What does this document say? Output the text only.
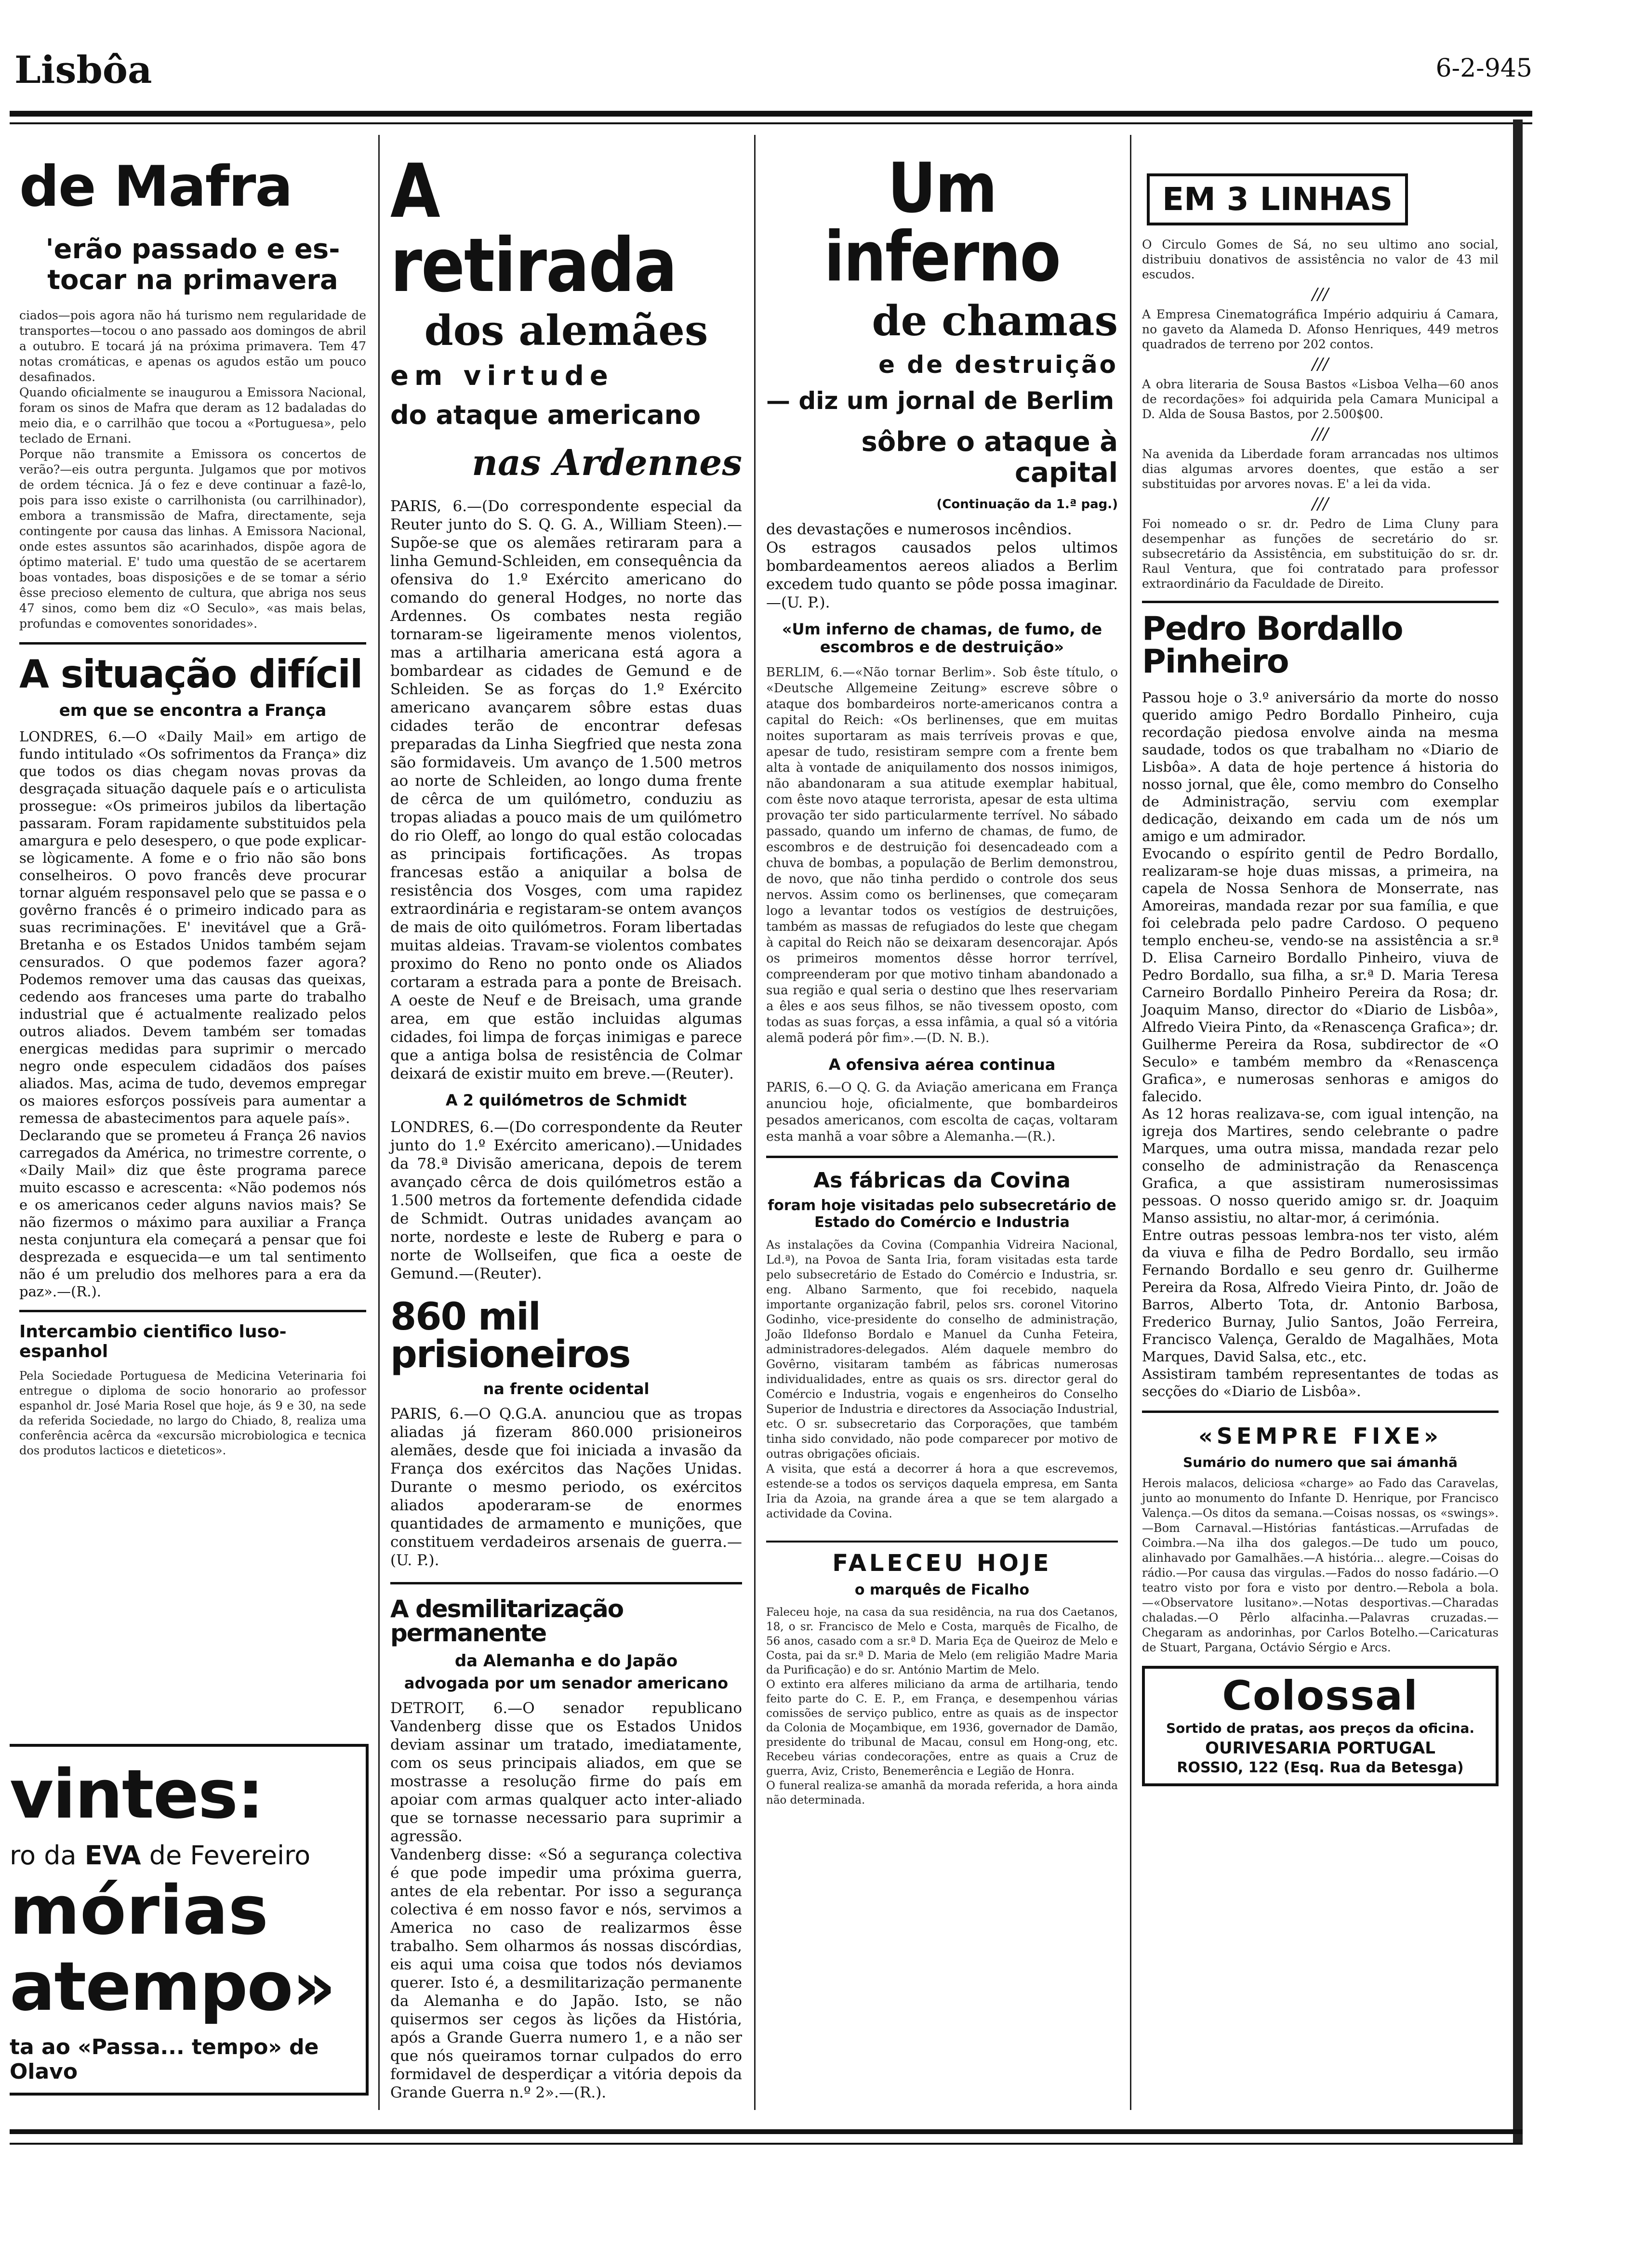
Lisbôa	6-2-945
de Mafra
'erão passado e es-
tocar na primavera

ciados—pois agora não há turismo nem regularidade de transportes—tocou o ano passado aos domingos de abril a outubro. E tocará já na próxima primavera. Tem 47 notas cromáticas, e apenas os agudos estão um pouco desafinados.
Quando oficialmente se inaugurou a Emissora Nacional, foram os sinos de Mafra que deram as 12 badaladas do meio dia, e o carrilhão que tocou a «Portuguesa», pelo teclado de Ernani.
Porque não transmite a Emissora os concertos de verão?—eis outra pergunta. Julgamos que por motivos de ordem técnica. Já o fez e deve continuar a fazê-lo, pois para isso existe o carrilhonista (ou carrilhinador), embora a transmissão de Mafra, directamente, seja contingente por causa das linhas. A Emissora Nacional, onde estes assuntos são acarinhados, dispõe agora de óptimo material. E' tudo uma questão de se acertarem boas vontades, boas disposições e de se tomar a sério êsse precioso elemento de cultura, que abriga nos seus 47 sinos, como bem diz «O Seculo», «as mais belas, profundas e comoventes sonoridades».

A situação difícil
em que se encontra a França

LONDRES, 6.—O «Daily Mail» em artigo de fundo intitulado «Os sofrimentos da França» diz que todos os dias chegam novas provas da desgraçada situação daquele país e o articulista prossegue: «Os primeiros jubilos da libertação passaram. Foram rapidamente substituidos pela amargura e pelo desespero, o que pode explicar-se lògicamente. A fome e o frio não são bons conselheiros. O povo francês deve procurar tornar alguém responsavel pelo que se passa e o govêrno francês é o primeiro indicado para as suas recriminações. E' inevitável que a Grã-Bretanha e os Estados Unidos também sejam censurados. O que podemos fazer agora? Podemos remover uma das causas das queixas, cedendo aos franceses uma parte do trabalho industrial que é actualmente realizado pelos outros aliados. Devem também ser tomadas energicas medidas para suprimir o mercado negro onde especulem cidadãos dos países aliados. Mas, acima de tudo, devemos empregar os maiores esforços possíveis para aumentar a remessa de abastecimentos para aquele país».
Declarando que se prometeu á França 26 navios carregados da América, no trimestre corrente, o «Daily Mail» diz que êste programa parece muito escasso e acrescenta: «Não podemos nós e os americanos ceder alguns navios mais? Se não fizermos o máximo para auxiliar a França nesta conjuntura ela começará a pensar que foi desprezada e esquecida—e um tal sentimento não é um preludio dos melhores para a era da paz».—(R.).

Intercambio cientifico luso-espanhol

Pela Sociedade Portuguesa de Medicina Veterinaria foi entregue o diploma de socio honorario ao professor espanhol dr. José Maria Rosel que hoje, ás 9 e 30, na sede da referida Sociedade, no largo do Chiado, 8, realiza uma conferência acêrca da «excursão microbiologica e tecnica dos produtos lacticos e dieteticos».

vintes:
ro da EVA de Fevereiro
mórias
atempo»
ta ao «Passa... tempo» de Olavo
A retirada
dos alemães
em virtude
do ataque americano
nas Ardennes

PARIS, 6.—(Do correspondente especial da Reuter junto do S. Q. G. A., William Steen).—Supõe-se que os alemães retiraram para a linha Gemund-Schleiden, em consequência da ofensiva do 1.º Exército americano do comando do general Hodges, no norte das Ardennes. Os combates nesta região tornaram-se ligeiramente menos violentos, mas a artilharia americana está agora a bombardear as cidades de Gemund e de Schleiden. Se as forças do 1.º Exército americano avançarem sôbre estas duas cidades terão de encontrar defesas preparadas da Linha Siegfried que nesta zona são formidaveis. Um avanço de 1.500 metros ao norte de Schleiden, ao longo duma frente de cêrca de um quilómetro, conduziu as tropas aliadas a pouco mais de um quilómetro do rio Oleff, ao longo do qual estão colocadas as principais fortificações. As tropas francesas estão a aniquilar a bolsa de resistência dos Vosges, com uma rapidez extraordinária e registaram-se ontem avanços de mais de oito quilómetros. Foram libertadas muitas aldeias. Travam-se violentos combates proximo do Reno no ponto onde os Aliados cortaram a estrada para a ponte de Breisach. A oeste de Neuf e de Breisach, uma grande area, em que estão incluidas algumas cidades, foi limpa de forças inimigas e parece que a antiga bolsa de resistência de Colmar deixará de existir muito em breve.—(Reuter).

A 2 quilómetros de Schmidt

LONDRES, 6.—(Do correspondente da Reuter junto do 1.º Exército americano).—Unidades da 78.ª Divisão americana, depois de terem avançado cêrca de dois quilómetros estão a 1.500 metros da fortemente defendida cidade de Schmidt. Outras unidades avançam ao norte, nordeste e leste de Ruberg e para o norte de Wollseifen, que fica a oeste de Gemund.—(Reuter).

860 mil prisioneiros
na frente ocidental

PARIS, 6.—O Q.G.A. anunciou que as tropas aliadas já fizeram 860.000 prisioneiros alemães, desde que foi iniciada a invasão da França dos exércitos das Nações Unidas. Durante o mesmo periodo, os exércitos aliados apoderaram-se de enormes quantidades de armamento e munições, que constituem verdadeiros arsenais de guerra.—(U. P.).

A desmilitarização permanente
da Alemanha e do Japão
advogada por um senador americano

DETROIT, 6.—O senador republicano Vandenberg disse que os Estados Unidos deviam assinar um tratado, imediatamente, com os seus principais aliados, em que se mostrasse a resolução firme do país em apoiar com armas qualquer acto inter-aliado que se tornasse necessario para suprimir a agressão.
Vandenberg disse: «Só a segurança colectiva é que pode impedir uma próxima guerra, antes de ela rebentar. Por isso a segurança colectiva é em nosso favor e nós, servimos a America no caso de realizarmos êsse trabalho. Sem olharmos ás nossas discórdias, eis aqui uma coisa que todos nós deviamos querer. Isto é, a desmilitarização permanente da Alemanha e do Japão. Isto, se não quisermos ser cegos às lições da História, após a Grande Guerra numero 1, e a não ser que nós queiramos tornar culpados do erro formidavel de desperdiçar a vitória depois da Grande Guerra n.º 2».—(R.).

Um inferno
de chamas
e de destruição
— diz um jornal de Berlim
sôbre o ataque à capital
(Continuação da 1.ª pag.)

des devastações e numerosos incêndios.
Os estragos causados pelos ultimos bombardeamentos aereos aliados a Berlim excedem tudo quanto se pôde possa imaginar.—(U. P.).

«Um inferno de chamas, de fumo, de escombros e de destruição»

BERLIM, 6.—«Não tornar Berlim». Sob êste título, o «Deutsche Allgemeine Zeitung» escreve sôbre o ataque dos bombardeiros norte-americanos contra a capital do Reich: «Os berlinenses, que em muitas noites suportaram as mais terríveis provas e que, apesar de tudo, resistiram sempre com a frente bem alta à vontade de aniquilamento dos nossos inimigos, não abandonaram a sua atitude exemplar habitual, com êste novo ataque terrorista, apesar de esta ultima provação ter sido particularmente terrível. No sábado passado, quando um inferno de chamas, de fumo, de escombros e de destruição foi desencadeado com a chuva de bombas, a população de Berlim demonstrou, de novo, que não tinha perdido o controle dos seus nervos. Assim como os berlinenses, que começaram logo a levantar todos os vestígios de destruições, também as massas de refugiados do leste que chegam à capital do Reich não se deixaram desencorajar. Após os primeiros momentos dêsse horror terrível, compreenderam por que motivo tinham abandonado a sua região e qual seria o destino que lhes reservariam a êles e aos seus filhos, se não tivessem oposto, com todas as suas forças, a essa infâmia, a qual só a vitória alemã poderá pôr fim».—(D. N. B.).

A ofensiva aérea continua

PARIS, 6.—O Q. G. da Aviação americana em França anunciou hoje, oficialmente, que bombardeiros pesados americanos, com escolta de caças, voltaram esta manhã a voar sôbre a Alemanha.—(R.).

As fábricas da Covina
foram hoje visitadas pelo subsecretário de Estado do Comércio e Industria

As instalações da Covina (Companhia Vidreira Nacional, Ld.ª), na Povoa de Santa Iria, foram visitadas esta tarde pelo subsecretário de Estado do Comércio e Industria, sr. eng. Albano Sarmento, que foi recebido, naquela importante organização fabril, pelos srs. coronel Vitorino Godinho, vice-presidente do conselho de administração, João Ildefonso Bordalo e Manuel da Cunha Feteira, administradores-delegados. Além daquele membro do Govêrno, visitaram também as fábricas numerosas individualidades, entre as quais os srs. director geral do Comércio e Industria, vogais e engenheiros do Conselho Superior de Industria e directores da Associação Industrial, etc. O sr. subsecretario das Corporações, que também tinha sido convidado, não pode comparecer por motivo de outras obrigações oficiais.
A visita, que está a decorrer á hora a que escrevemos, estende-se a todos os serviços daquela empresa, em Santa Iria da Azoia, na grande área a que se tem alargado a actividade da Covina.

FALECEU HOJE
o marquês de Ficalho

Faleceu hoje, na casa da sua residência, na rua dos Caetanos, 18, o sr. Francisco de Melo e Costa, marquês de Ficalho, de 56 anos, casado com a sr.ª D. Maria Eça de Queiroz de Melo e Costa, pai da sr.ª D. Maria de Melo (em religião Madre Maria da Purificação) e do sr. António Martim de Melo.
O extinto era alferes miliciano da arma de artilharia, tendo feito parte do C. E. P., em França, e desempenhou várias comissões de serviço publico, entre as quais as de inspector da Colonia de Moçambique, em 1936, governador de Damão, presidente do tribunal de Macau, consul em Hong-ong, etc. Recebeu várias condecorações, entre as quais a Cruz de guerra, Aviz, Cristo, Benemerência e Legião de Honra.
O funeral realiza-se amanhã da morada referida, a hora ainda não determinada.

EM 3 LINHAS

O Circulo Gomes de Sá, no seu ultimo ano social, distribuiu donativos de assistência no valor de 43 mil escudos.

///

A Empresa Cinematográfica Império adquiriu á Camara, no gaveto da Alameda D. Afonso Henriques, 449 metros quadrados de terreno por 202 contos.

///

A obra literaria de Sousa Bastos «Lisboa Velha—60 anos de recordações» foi adquirida pela Camara Municipal a D. Alda de Sousa Bastos, por 2.500$00.

///

Na avenida da Liberdade foram arrancadas nos ultimos dias algumas arvores doentes, que estão a ser substituidas por arvores novas. E' a lei da vida.

///

Foi nomeado o sr. dr. Pedro de Lima Cluny para desempenhar as funções de secretário do sr. subsecretário da Assistência, em substituição do sr. dr. Raul Ventura, que foi contratado para professor extraordinário da Faculdade de Direito.

Pedro Bordallo Pinheiro

Passou hoje o 3.º aniversário da morte do nosso querido amigo Pedro Bordallo Pinheiro, cuja recordação piedosa envolve ainda na mesma saudade, todos os que trabalham no «Diario de Lisbôa». A data de hoje pertence á historia do nosso jornal, que êle, como membro do Conselho de Administração, serviu com exemplar dedicação, deixando em cada um de nós um amigo e um admirador.
Evocando o espírito gentil de Pedro Bordallo, realizaram-se hoje duas missas, a primeira, na capela de Nossa Senhora de Monserrate, nas Amoreiras, mandada rezar por sua família, e que foi celebrada pelo padre Cardoso. O pequeno templo encheu-se, vendo-se na assistência a sr.ª D. Elisa Carneiro Bordallo Pinheiro, viuva de Pedro Bordallo, sua filha, a sr.ª D. Maria Teresa Carneiro Bordallo Pinheiro Pereira da Rosa; dr. Joaquim Manso, director do «Diario de Lisbôa», Alfredo Vieira Pinto, da «Renascença Grafica»; dr. Guilherme Pereira da Rosa, subdirector de «O Seculo» e também membro da «Renascença Grafica», e numerosas senhoras e amigos do falecido.
As 12 horas realizava-se, com igual intenção, na igreja dos Martires, sendo celebrante o padre Marques, uma outra missa, mandada rezar pelo conselho de administração da Renascença Grafica, a que assistiram numerosissimas pessoas. O nosso querido amigo sr. dr. Joaquim Manso assistiu, no altar-mor, á cerimónia.
Entre outras pessoas lembra-nos ter visto, além da viuva e filha de Pedro Bordallo, seu irmão Fernando Bordallo e seu genro dr. Guilherme Pereira da Rosa, Alfredo Vieira Pinto, dr. João de Barros, Alberto Tota, dr. Antonio Barbosa, Frederico Burnay, Julio Santos, João Ferreira, Francisco Valença, Geraldo de Magalhães, Mota Marques, David Salsa, etc., etc.
Assistiram também representantes de todas as secções do «Diario de Lisbôa».

«SEMPRE FIXE»
Sumário do numero que sai ámanhã

Herois malacos, deliciosa «charge» ao Fado das Caravelas, junto ao monumento do Infante D. Henrique, por Francisco Valença.—Os ditos da semana.—Coisas nossas, os «swings».—Bom Carnaval.—Histórias fantásticas.—Arrufadas de Coimbra.—Na ilha dos galegos.—De tudo um pouco, alinhavado por Gamalhães.—A história... alegre.—Coisas do rádio.—Por causa das virgulas.—Fados do nosso fadário.—O teatro visto por fora e visto por dentro.—Rebola a bola.—«Observatore lusitano».—Notas desportivas.—Charadas chaladas.—O Pêrlo alfacinha.—Palavras cruzadas.—Chegaram as andorinhas, por Carlos Botelho.—Caricaturas de Stuart, Pargana, Octávio Sérgio e Arcs.

Colossal
Sortido de pratas, aos preços da oficina.
OURIVESARIA PORTUGAL
ROSSIO, 122 (Esq. Rua da Betesga)
